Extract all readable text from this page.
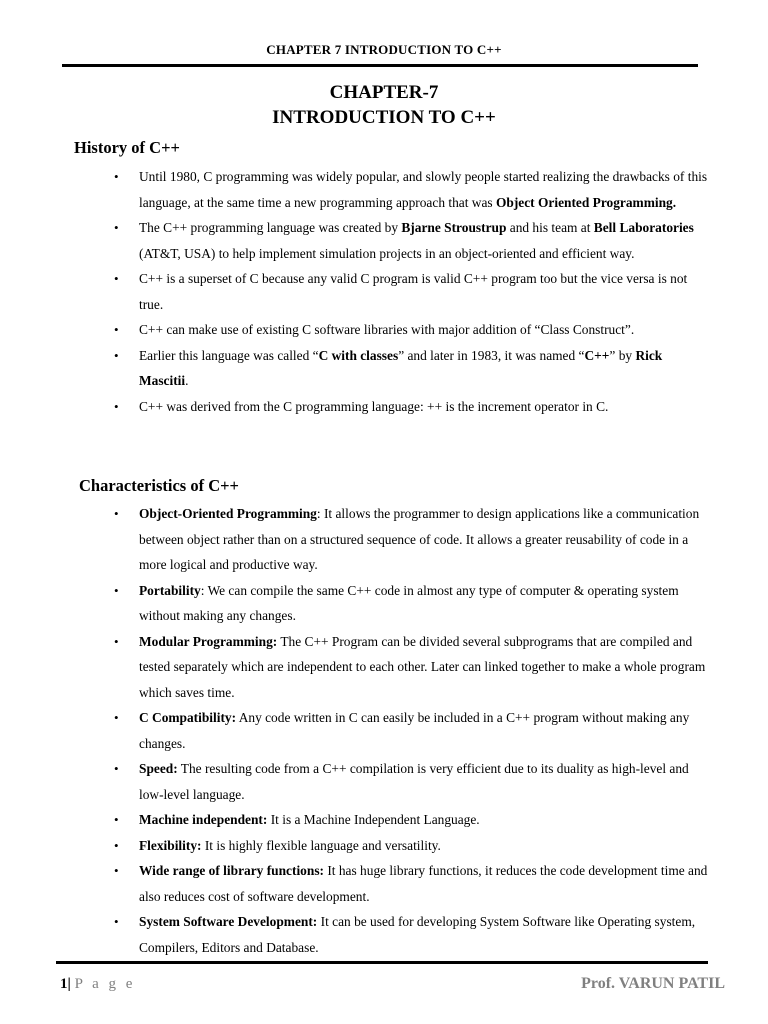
CHAPTER 7 INTRODUCTION TO C++
CHAPTER-7
INTRODUCTION TO C++
History of C++
• Until 1980, C programming was widely popular, and slowly people started realizing the drawbacks of this language, at the same time a new programming approach that was Object Oriented Programming.
• The C++ programming language was created by Bjarne Stroustrup and his team at Bell Laboratories (AT&T, USA) to help implement simulation projects in an object-oriented and efficient way.
• C++ is a superset of C because any valid C program is valid C++ program too but the vice versa is not true.
• C++ can make use of existing C software libraries with major addition of “Class Construct”.
• Earlier this language was called “C with classes” and later in 1983, it was named “C++” by Rick Mascitii.
• C++ was derived from the C programming language: ++ is the increment operator in C.
Characteristics of C++
• Object-Oriented Programming: It allows the programmer to design applications like a communication between object rather than on a structured sequence of code. It allows a greater reusability of code in a more logical and productive way.
• Portability: We can compile the same C++ code in almost any type of computer & operating system without making any changes.
• Modular Programming: The C++ Program can be divided several subprograms that are compiled and tested separately which are independent to each other. Later can linked together to make a whole program which saves time.
• C Compatibility: Any code written in C can easily be included in a C++ program without making any changes.
• Speed: The resulting code from a C++ compilation is very efficient due to its duality as high-level and low-level language.
• Machine independent: It is a Machine Independent Language.
• Flexibility: It is highly flexible language and versatility.
• Wide range of library functions: It has huge library functions, it reduces the code development time and also reduces cost of software development.
• System Software Development: It can be used for developing System Software like Operating system, Compilers, Editors and Database.
1| P a g e	Prof. VARUN PATIL
